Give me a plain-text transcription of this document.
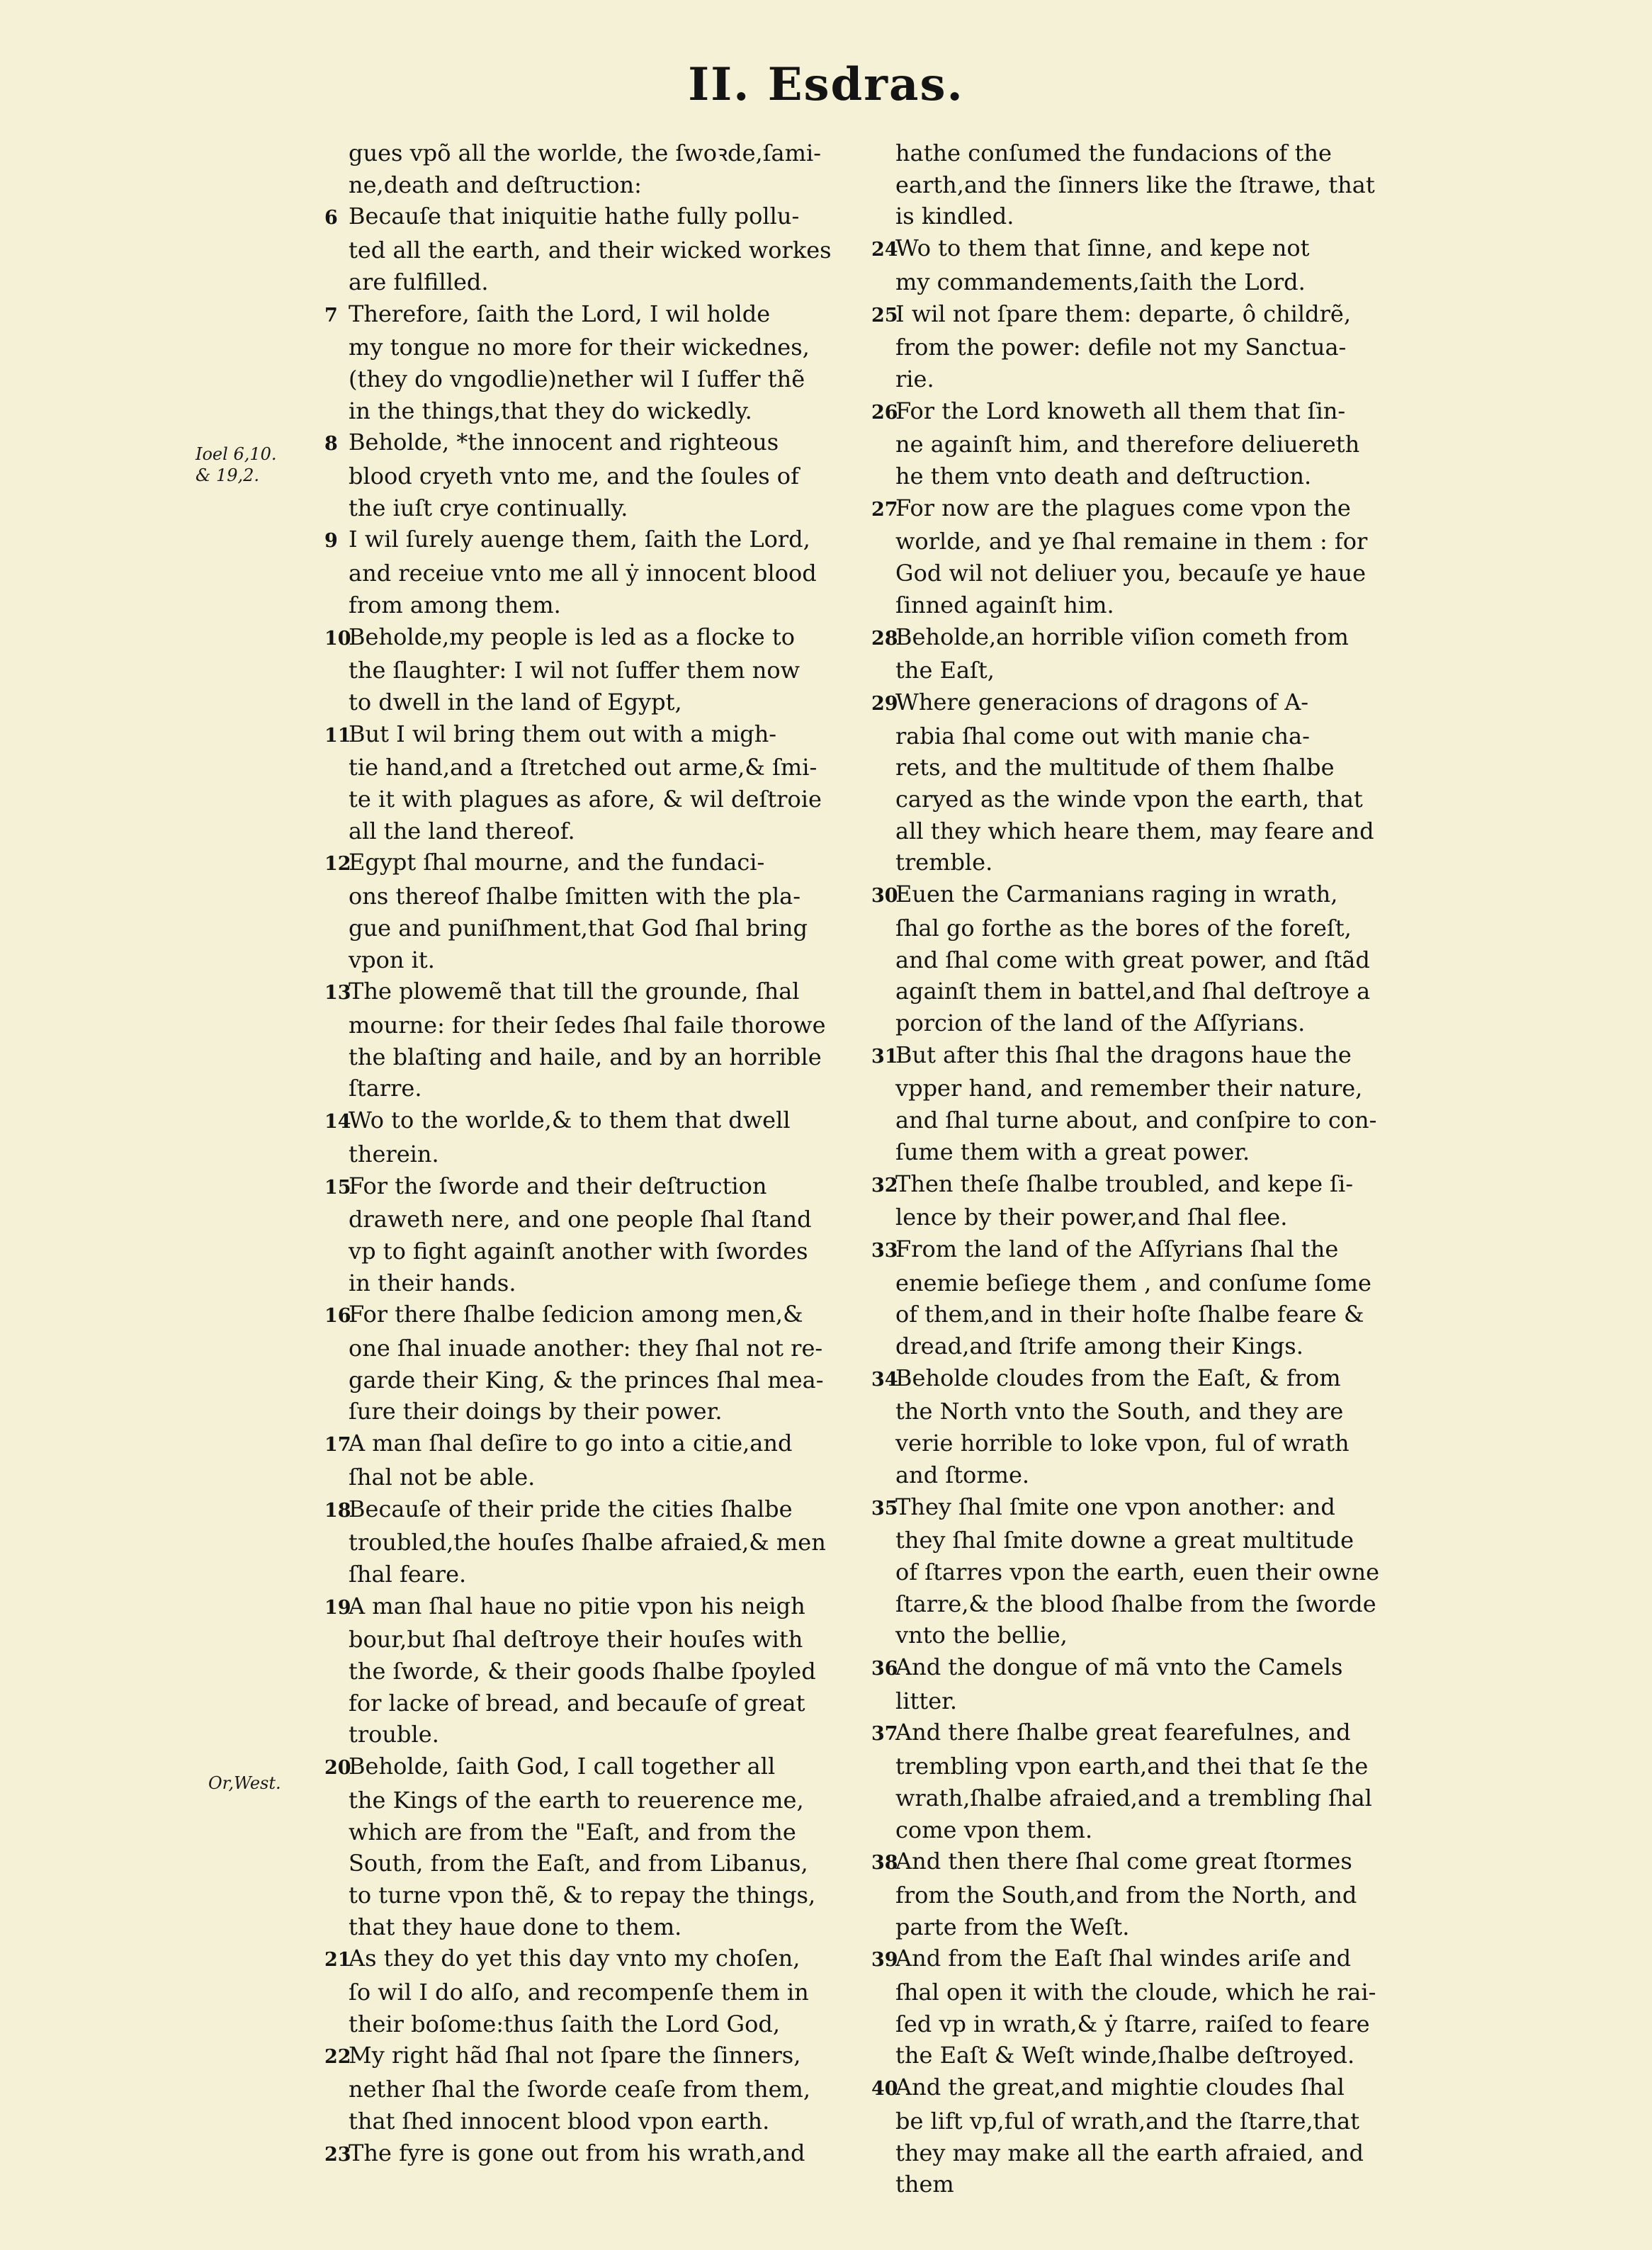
II. Esdras.
Ioel 6,10.
& 19,2.
Or,West.

gues vpõ all the worlde, the ſwoꝛde,ſami-
ne,death and deſtruction:

6 Becauſe that iniquitie hathe fully pollu-
ted all the earth, and their wicked workes
are fulfilled.

7 Therefore, ſaith the Lord, I wil holde
my tongue no more for their wickednes,
(they do vngodlie)nether wil I ſuffer thẽ
in the things,that they do wickedly.

8 Beholde, *the innocent and righteous
blood cryeth vnto me, and the ſoules of
the iuſt crye continually.

9 I wil ſurely auenge them, ſaith the Lord,
and receiue vnto me all ẏ innocent blood
from among them.

10Beholde,my people is led as a flocke to
the ſlaughter: I wil not ſuffer them now
to dwell in the land of Egypt,

11But I wil bring them out with a migh-
tie hand,and a ſtretched out arme,& ſmi-
te it with plagues as afore, & wil deſtroie
all the land thereof.

12Egypt ſhal mourne, and the fundaci-
ons thereof ſhalbe ſmitten with the pla-
gue and puniſhment,that God ſhal bring
vpon it.

13The plowemẽ that till the grounde, ſhal
mourne: for their ſedes ſhal faile thorowe
the blaſting and haile, and by an horrible
ſtarre.

14Wo to the worlde,& to them that dwell
therein.

15For the ſworde and their deſtruction
draweth nere, and one people ſhal ſtand
vp to fight againſt another with ſwordes
in their hands.

16For there ſhalbe ſedicion among men,&
one ſhal inuade another: they ſhal not re-
garde their King, & the princes ſhal mea-
ſure their doings by their power.

17A man ſhal deſire to go into a citie,and
ſhal not be able.

18Becauſe of their pride the cities ſhalbe
troubled,the houſes ſhalbe afraied,& men
ſhal feare.

19A man ſhal haue no pitie vpon his neigh
bour,but ſhal deſtroye their houſes with
the ſworde, & their goods ſhalbe ſpoyled
for lacke of bread, and becauſe of great
trouble.

20Beholde, ſaith God, I call together all
the Kings of the earth to reuerence me,
which are from the "Eaſt, and from the
South, from the Eaſt, and from Libanus,
to turne vpon thẽ, & to repay the things,
that they haue done to them.

21As they do yet this day vnto my choſen,
ſo wil I do alſo, and recompenſe them in
their boſome:thus ſaith the Lord God,

22My right hãd ſhal not ſpare the ſinners,
nether ſhal the ſworde ceaſe from them,
that ſhed innocent blood vpon earth.

23The fyre is gone out from his wrath,and

hathe conſumed the fundacions of the
earth,and the ſinners like the ſtrawe, that
is kindled.

24Wo to them that ſinne, and kepe not
my commandements,ſaith the Lord.

25I wil not ſpare them: departe, ô childrẽ,
from the power: defile not my Sanctua-
rie.

26For the Lord knoweth all them that ſin-
ne againſt him, and therefore deliuereth
he them vnto death and deſtruction.

27For now are the plagues come vpon the
worlde, and ye ſhal remaine in them : for
God wil not deliuer you, becauſe ye haue
ſinned againſt him.

28Beholde,an horrible viſion cometh from
the Eaſt,

29Where generacions of dragons of A-
rabia ſhal come out with manie cha-
rets, and the multitude of them ſhalbe
caryed as the winde vpon the earth, that
all they which heare them, may feare and
tremble.

30Euen the Carmanians raging in wrath,
ſhal go forthe as the bores of the foreſt,
and ſhal come with great power, and ſtãd
againſt them in battel,and ſhal deſtroye a
porcion of the land of the Aſſyrians.

31But after this ſhal the dragons haue the
vpper hand, and remember their nature,
and ſhal turne about, and conſpire to con-
ſume them with a great power.

32Then theſe ſhalbe troubled, and kepe ſi-
lence by their power,and ſhal flee.

33From the land of the Aſſyrians ſhal the
enemie beſiege them , and conſume ſome
of them,and in their hoſte ſhalbe feare &
dread,and ſtrife among their Kings.

34Beholde cloudes from the Eaſt, & from
the North vnto the South, and they are
verie horrible to loke vpon, ful of wrath
and ſtorme.

35They ſhal ſmite one vpon another: and
they ſhal ſmite downe a great multitude
of ſtarres vpon the earth, euen their owne
ſtarre,& the blood ſhalbe from the ſworde
vnto the bellie,

36And the dongue of mã vnto the Camels
litter.

37And there ſhalbe great fearefulnes, and
trembling vpon earth,and thei that ſe the
wrath,ſhalbe afraied,and a trembling ſhal
come vpon them.

38And then there ſhal come great ſtormes
from the South,and from the North, and
parte from the Weſt.

39And from the Eaſt ſhal windes ariſe and
ſhal open it with the cloude, which he rai-
ſed vp in wrath,& ẏ ſtarre, raiſed to feare
the Eaſt & Weſt winde,ſhalbe deſtroyed.

40And the great,and mightie cloudes ſhal
be lift vp,ful of wrath,and the ſtarre,that
they may make all the earth afraied, and
them
